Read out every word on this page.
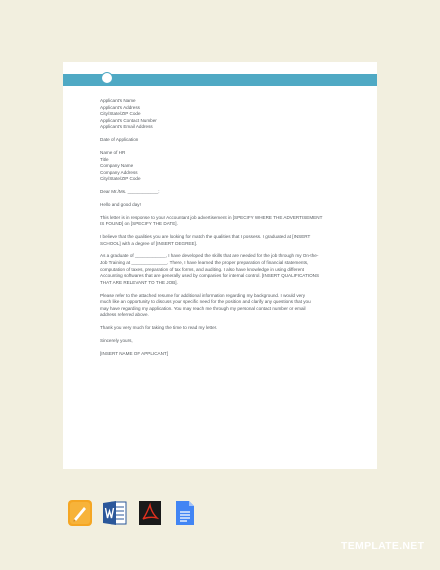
Applicant's Name
Applicant's Address
City/State/ZIP Code
Applicant's Contact Number
Applicant's Email Address
Date of Application
Name of HR
Title
Company Name
Company Address
City/State/ZIP Code
Dear Mr./Ms. ____________:
Hello and good day!
This letter is in response to your Accountant job advertisement in [SPECIFY WHERE THE ADVERTISEMENT
IS FOUND] on [SPECIFY THE DATE].
I believe that the qualities you are looking for match the qualities that I possess. I graduated at [INSERT
SCHOOL] with a degree of [INSERT DEGREE].
As a graduate of ____________, I have developed the skills that are needed for the job through my On-the-
Job Training at ______________. There, I have learned the proper preparation of financial statements,
computation of taxes, preparation of tax forms, and auditing. I also have knowledge in using different
Accounting softwares that are generally used by companies for internal control. [INSERT QUALIFICATIONS
THAT ARE RELEVANT TO THE JOB].
Please refer to the attached resume for additional information regarding my background. I would very
much like an opportunity to discuss your specific need for the position and clarify any questions that you
may have regarding my application. You may reach me through my personal contact number or email
address referred above.
Thank you very much for taking the time to read my letter.
Sincerely yours,
[INSERT NAME OF APPLICANT]
TEMPLATE.NET
